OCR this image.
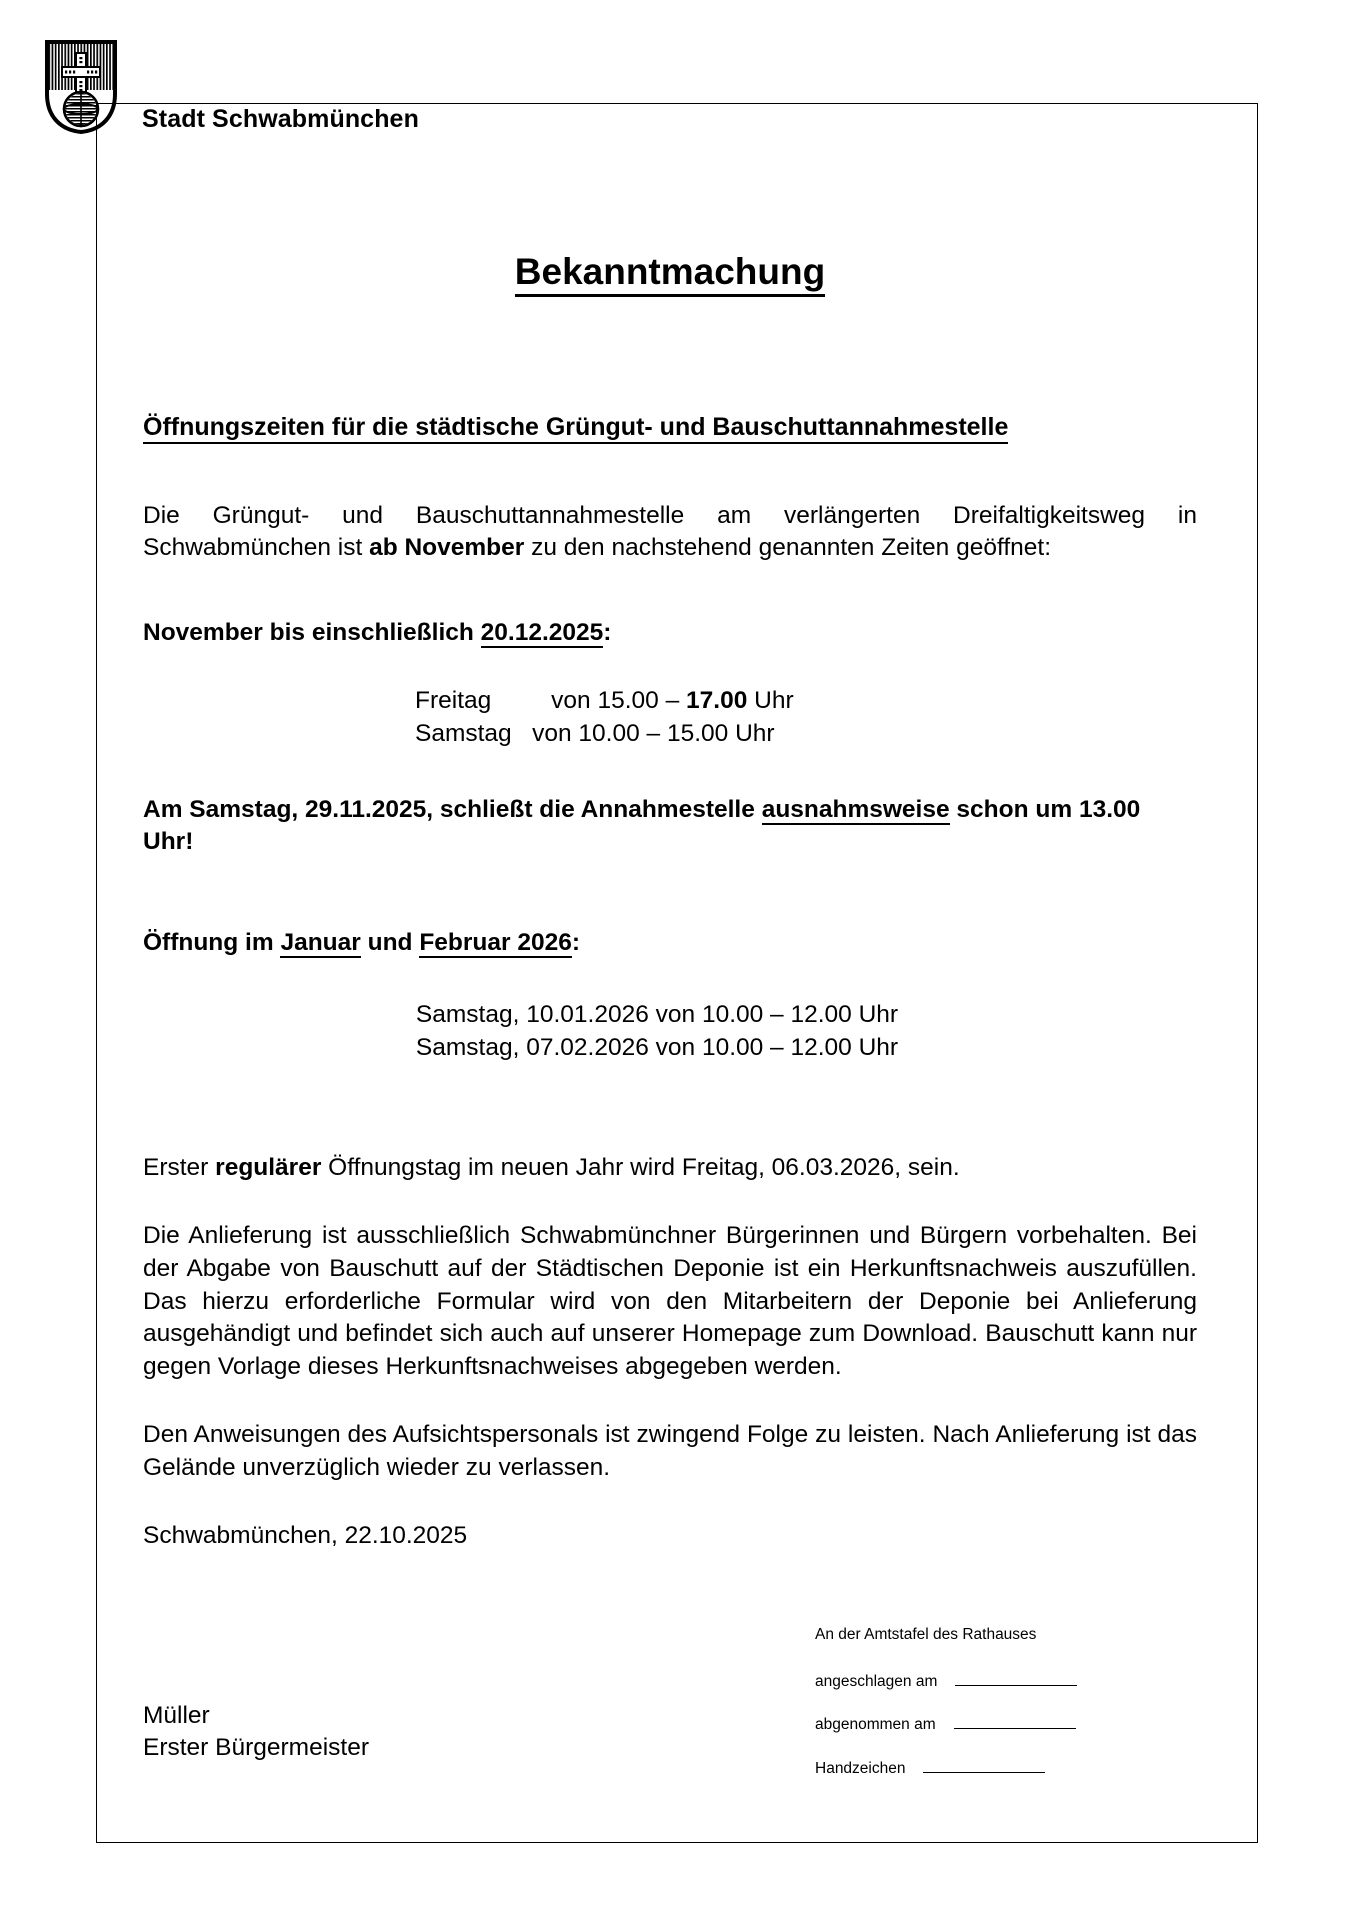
Stadt Schwabmünchen
Bekanntmachung
Öffnungszeiten für die städtische Grüngut- und Bauschuttannahmestelle

Die Grüngut- und Bauschuttannahmestelle am verlängerten Dreifaltigkeitsweg in Schwabmünchen ist ab November zu den nachstehend genannten Zeiten geöffnet:

November bis einschließlich 20.12.2025:

Freitag	von 15.00 – 17.00 Uhr
Samstag von 10.00 – 15.00 Uhr

Am Samstag, 29.11.2025, schließt die Annahmestelle ausnahmsweise schon um 13.00 Uhr!

Öffnung im Januar und Februar 2026:

Samstag, 10.01.2026 von 10.00 – 12.00 Uhr
Samstag, 07.02.2026 von 10.00 – 12.00 Uhr

Erster regulärer Öffnungstag im neuen Jahr wird Freitag, 06.03.2026, sein.

Die Anlieferung ist ausschließlich Schwabmünchner Bürgerinnen und Bürgern vorbehalten. Bei der Abgabe von Bauschutt auf der Städtischen Deponie ist ein Herkunftsnachweis auszufüllen. Das hierzu erforderliche Formular wird von den Mitarbeitern der Deponie bei Anlieferung ausgehändigt und befindet sich auch auf unserer Homepage zum Download. Bauschutt kann nur gegen Vorlage dieses Herkunftsnachweises abgegeben werden.

Den Anweisungen des Aufsichtspersonals ist zwingend Folge zu leisten. Nach Anlieferung ist das Gelände unverzüglich wieder zu verlassen.

Schwabmünchen, 22.10.2025

An der Amtstafel des Rathauses
angeschlagen am
abgenommen am
Handzeichen
Müller
Erster Bürgermeister
